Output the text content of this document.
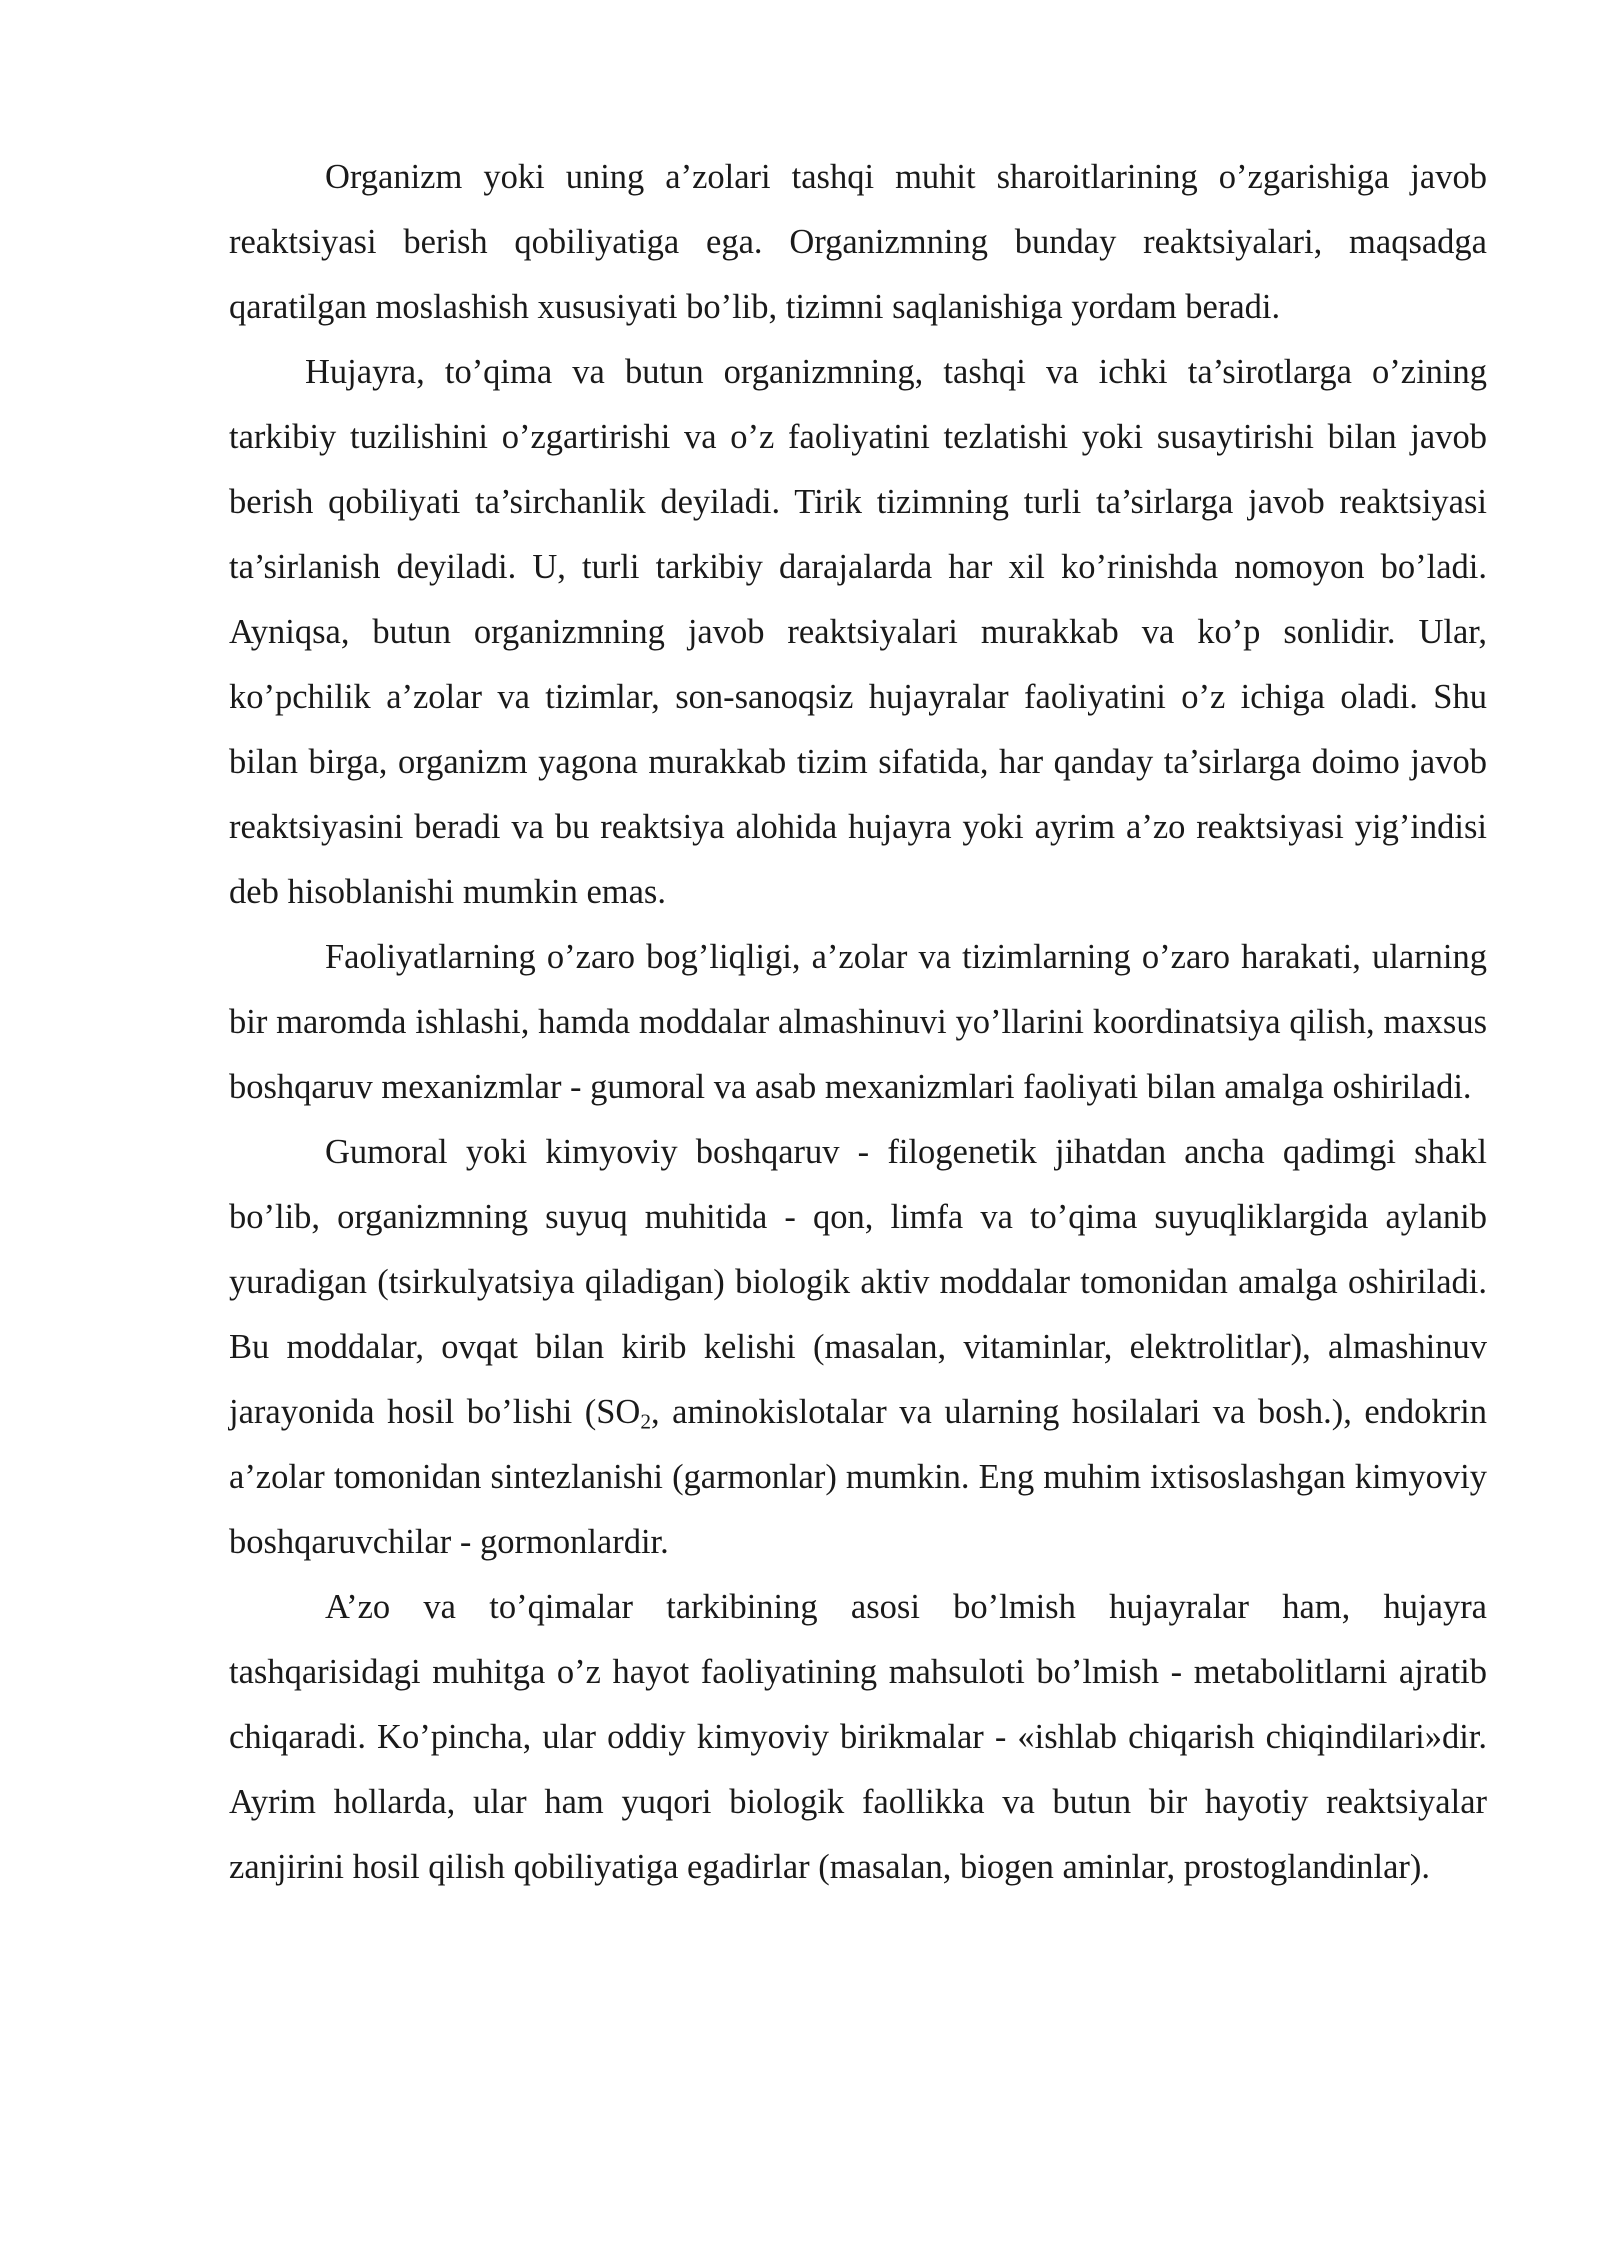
Organizm yoki uning a’zolari tashqi muhit sharoitlarining o’zgarishiga javob reaktsiyasi berish qobiliyatiga ega. Organizmning bunday reaktsiyalari, maqsadga qaratilgan moslashish xususiyati bo’lib, tizimni saqlanishiga yordam beradi.

Hujayra, to’qima va butun organizmning, tashqi va ichki ta’sirotlarga o’zining tarkibiy tuzilishini o’zgartirishi va o’z faoliyatini tezlatishi yoki susaytirishi bilan javob berish qobiliyati ta’sirchanlik deyiladi. Tirik tizimning turli ta’sirlarga javob reaktsiyasi ta’sirlanish deyiladi. U, turli tarkibiy darajalarda har xil ko’rinishda nomoyon bo’ladi. Ayniqsa, butun organizmning javob reaktsiyalari murakkab va ko’p sonlidir. Ular, ko’pchilik a’zolar va tizimlar, son-sanoqsiz hujayralar faoliyatini o’z ichiga oladi. Shu bilan birga, organizm yagona murakkab tizim sifatida, har qanday ta’sirlarga doimo javob reaktsiyasini beradi va bu reaktsiya alohida hujayra yoki ayrim a’zo reaktsiyasi yig’indisi deb hisoblanishi mumkin emas.

Faoliyatlarning o’zaro bog’liqligi, a’zolar va tizimlarning o’zaro harakati, ularning bir maromda ishlashi, hamda moddalar almashinuvi yo’llarini koordinatsiya qilish, maxsus boshqaruv mexanizmlar - gumoral va asab mexanizmlari faoliyati bilan amalga oshiriladi.

Gumoral yoki kimyoviy boshqaruv - filogenetik jihatdan ancha qadimgi shakl bo’lib, organizmning suyuq muhitida - qon, limfa va to’qima suyuqliklargida aylanib yuradigan (tsirkulyatsiya qiladigan) biologik aktiv moddalar tomonidan amalga oshiriladi. Bu moddalar, ovqat bilan kirib kelishi (masalan, vitaminlar, elektrolitlar), almashinuv jarayonida hosil bo’lishi ($SO_2$, aminokislotalar va ularning hosilalari va bosh.), endokrin a’zolar tomonidan sintezlanishi (garmonlar) mumkin. Eng muhim ixtisoslashgan kimyoviy boshqaruvchilar - gormonlardir.

A’zo va to’qimalar tarkibining asosi bo’lmish hujayralar ham, hujayra tashqarisidagi muhitga o’z hayot faoliyatining mahsuloti bo’lmish - metabolitlarni ajratib chiqaradi. Ko’pincha, ular oddiy kimyoviy birikmalar - «ishlab chiqarish chiqindilari»dir. Ayrim hollarda, ular ham yuqori biologik faollikka va butun bir hayotiy reaktsiyalar zanjirini hosil qilish qobiliyatiga egadirlar (masalan, biogen aminlar, prostoglandinlar).
